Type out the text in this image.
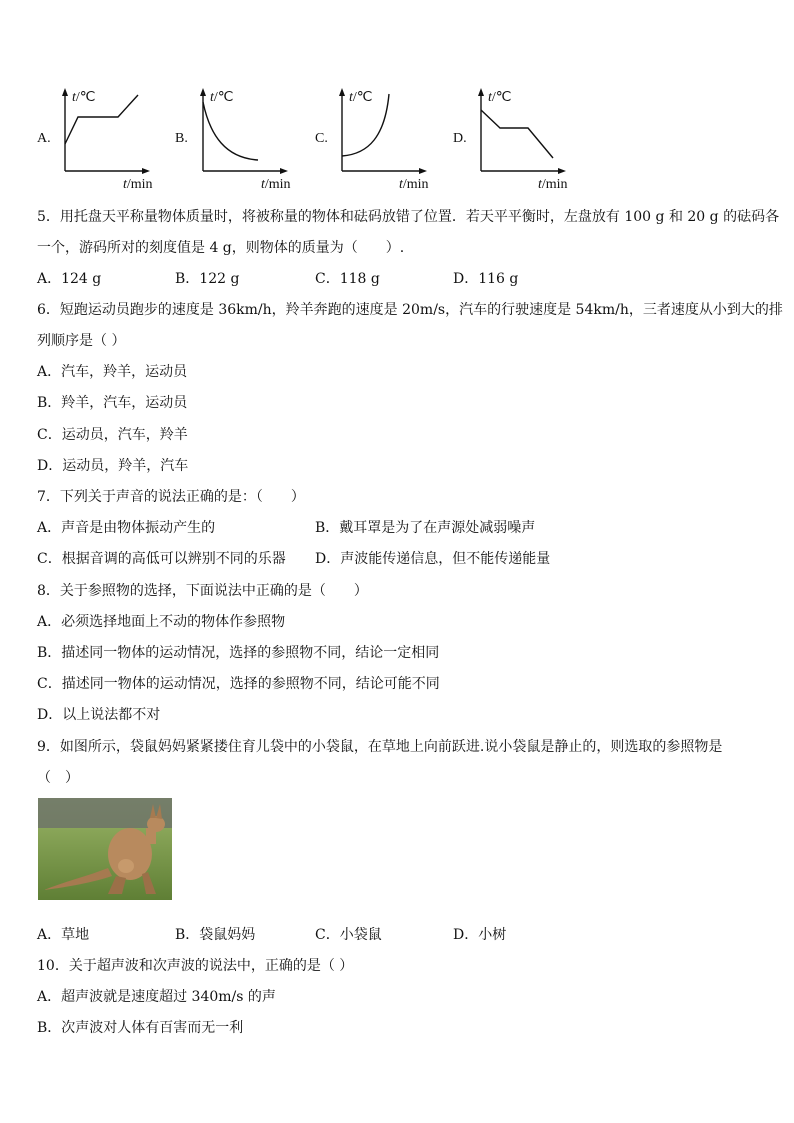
A.
t/℃
t/min
B.
t/℃
t/min
C.
t/℃
t/min
D.
t/℃
t/min
5．用托盘天平称量物体质量时，将被称量的物体和砝码放错了位置．若天平平衡时，左盘放有 100 g 和 20 g 的砝码各
一个，游码所对的刻度值是 4 g，则物体的质量为（　　）.
A．124 g	B．122 g	C．118 g	D．116 g
6．短跑运动员跑步的速度是 36km/h，羚羊奔跑的速度是 20m/s，汽车的行驶速度是 54km/h，三者速度从小到大的排
列顺序是（ ）
A．汽车，羚羊，运动员
B．羚羊，汽车，运动员
C．运动员，汽车，羚羊
D．运动员，羚羊，汽车
7．下列关于声音的说法正确的是：（　　）
A．声音是由物体振动产生的	B．戴耳罩是为了在声源处减弱噪声
C．根据音调的高低可以辨别不同的乐器 D．声波能传递信息，但不能传递能量
8．关于参照物的选择，下面说法中正确的是（　　）
A．必须选择地面上不动的物体作参照物
B．描述同一物体的运动情况，选择的参照物不同，结论一定相同
C．描述同一物体的运动情况，选择的参照物不同，结论可能不同
D．以上说法都不对
9．如图所示，袋鼠妈妈紧紧搂住育儿袋中的小袋鼠，在草地上向前跃进.说小袋鼠是静止的，则选取的参照物是
（　）
A．草地	B．袋鼠妈妈	C．小袋鼠	D．小树
10．关于超声波和次声波的说法中，正确的是（ ）
A．超声波就是速度超过 340m/s 的声
B．次声波对人体有百害而无一利
